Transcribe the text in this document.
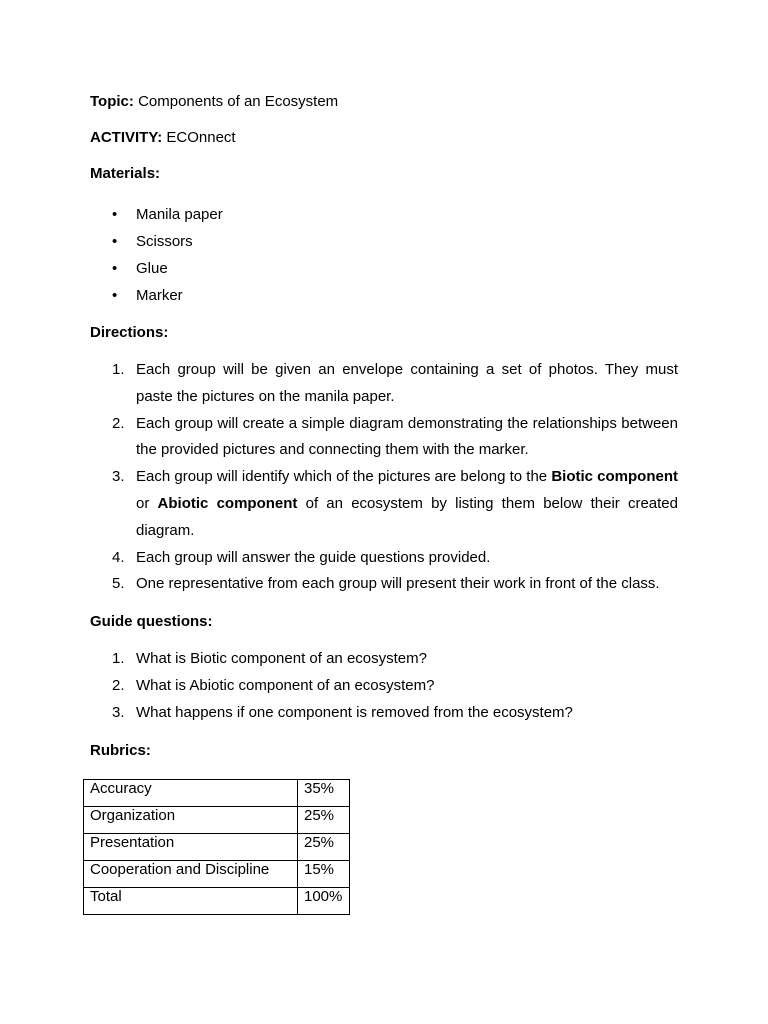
Topic: Components of an Ecosystem

ACTIVITY: ECOnnect

Materials:

• Manila paper
• Scissors
• Glue
• Marker

Directions:

1. Each group will be given an envelope containing a set of photos. They must paste the pictures on the manila paper.
2. Each group will create a simple diagram demonstrating the relationships between the provided pictures and connecting them with the marker.
3. Each group will identify which of the pictures are belong to the Biotic component or Abiotic component of an ecosystem by listing them below their created diagram.
4. Each group will answer the guide questions provided.
5. One representative from each group will present their work in front of the class.

Guide questions:

1. What is Biotic component of an ecosystem?
2. What is Abiotic component of an ecosystem?
3. What happens if one component is removed from the ecosystem?

Rubrics:

Accuracy	35%
Organization	25%
Presentation	25%
Cooperation and Discipline	15%
Total	100%
